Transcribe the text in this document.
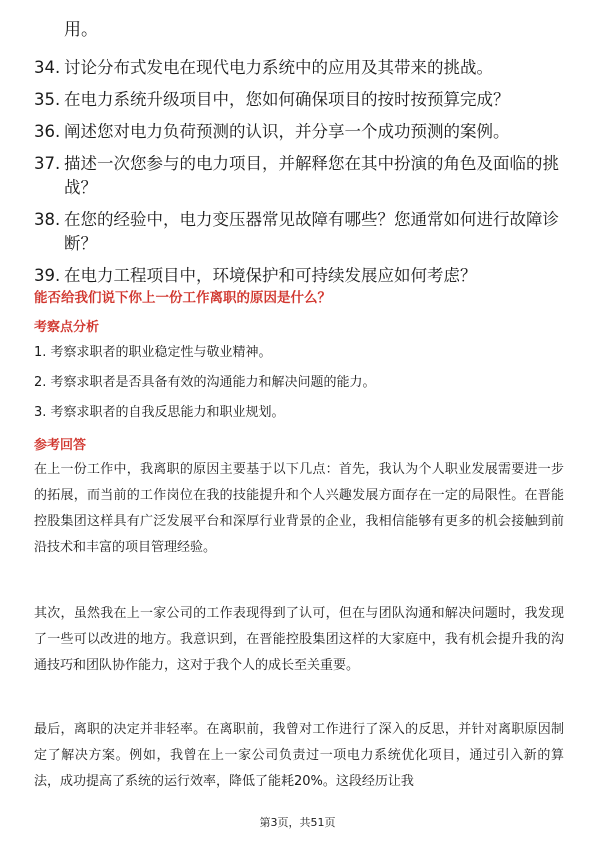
用。
34. 讨论分布式发电在现代电力系统中的应用及其带来的挑战。
35. 在电力系统升级项目中，您如何确保项目的按时按预算完成？
36. 阐述您对电力负荷预测的认识，并分享一个成功预测的案例。
37. 描述一次您参与的电力项目，并解释您在其中扮演的角色及面临的挑战？
38. 在您的经验中，电力变压器常见故障有哪些？您通常如何进行故障诊断？
39. 在电力工程项目中，环境保护和可持续发展应如何考虑？
能否给我们说下你上一份工作离职的原因是什么？
考察点分析
1. 考察求职者的职业稳定性与敬业精神。
2. 考察求职者是否具备有效的沟通能力和解决问题的能力。
3. 考察求职者的自我反思能力和职业规划。
参考回答
在上一份工作中，我离职的原因主要基于以下几点：首先，我认为个人职业发展需要进一步的拓展，而当前的工作岗位在我的技能提升和个人兴趣发展方面存在一定的局限性。在晋能控股集团这样具有广泛发展平台和深厚行业背景的企业，我相信能够有更多的机会接触到前沿技术和丰富的项目管理经验。
其次，虽然我在上一家公司的工作表现得到了认可，但在与团队沟通和解决问题时，我发现了一些可以改进的地方。我意识到，在晋能控股集团这样的大家庭中，我有机会提升我的沟通技巧和团队协作能力，这对于我个人的成长至关重要。
最后，离职的决定并非轻率。在离职前，我曾对工作进行了深入的反思，并针对离职原因制定了解决方案。例如，我曾在上一家公司负责过一项电力系统优化项目，通过引入新的算法，成功提高了系统的运行效率，降低了能耗20%。这段经历让我
第3页，共51页
